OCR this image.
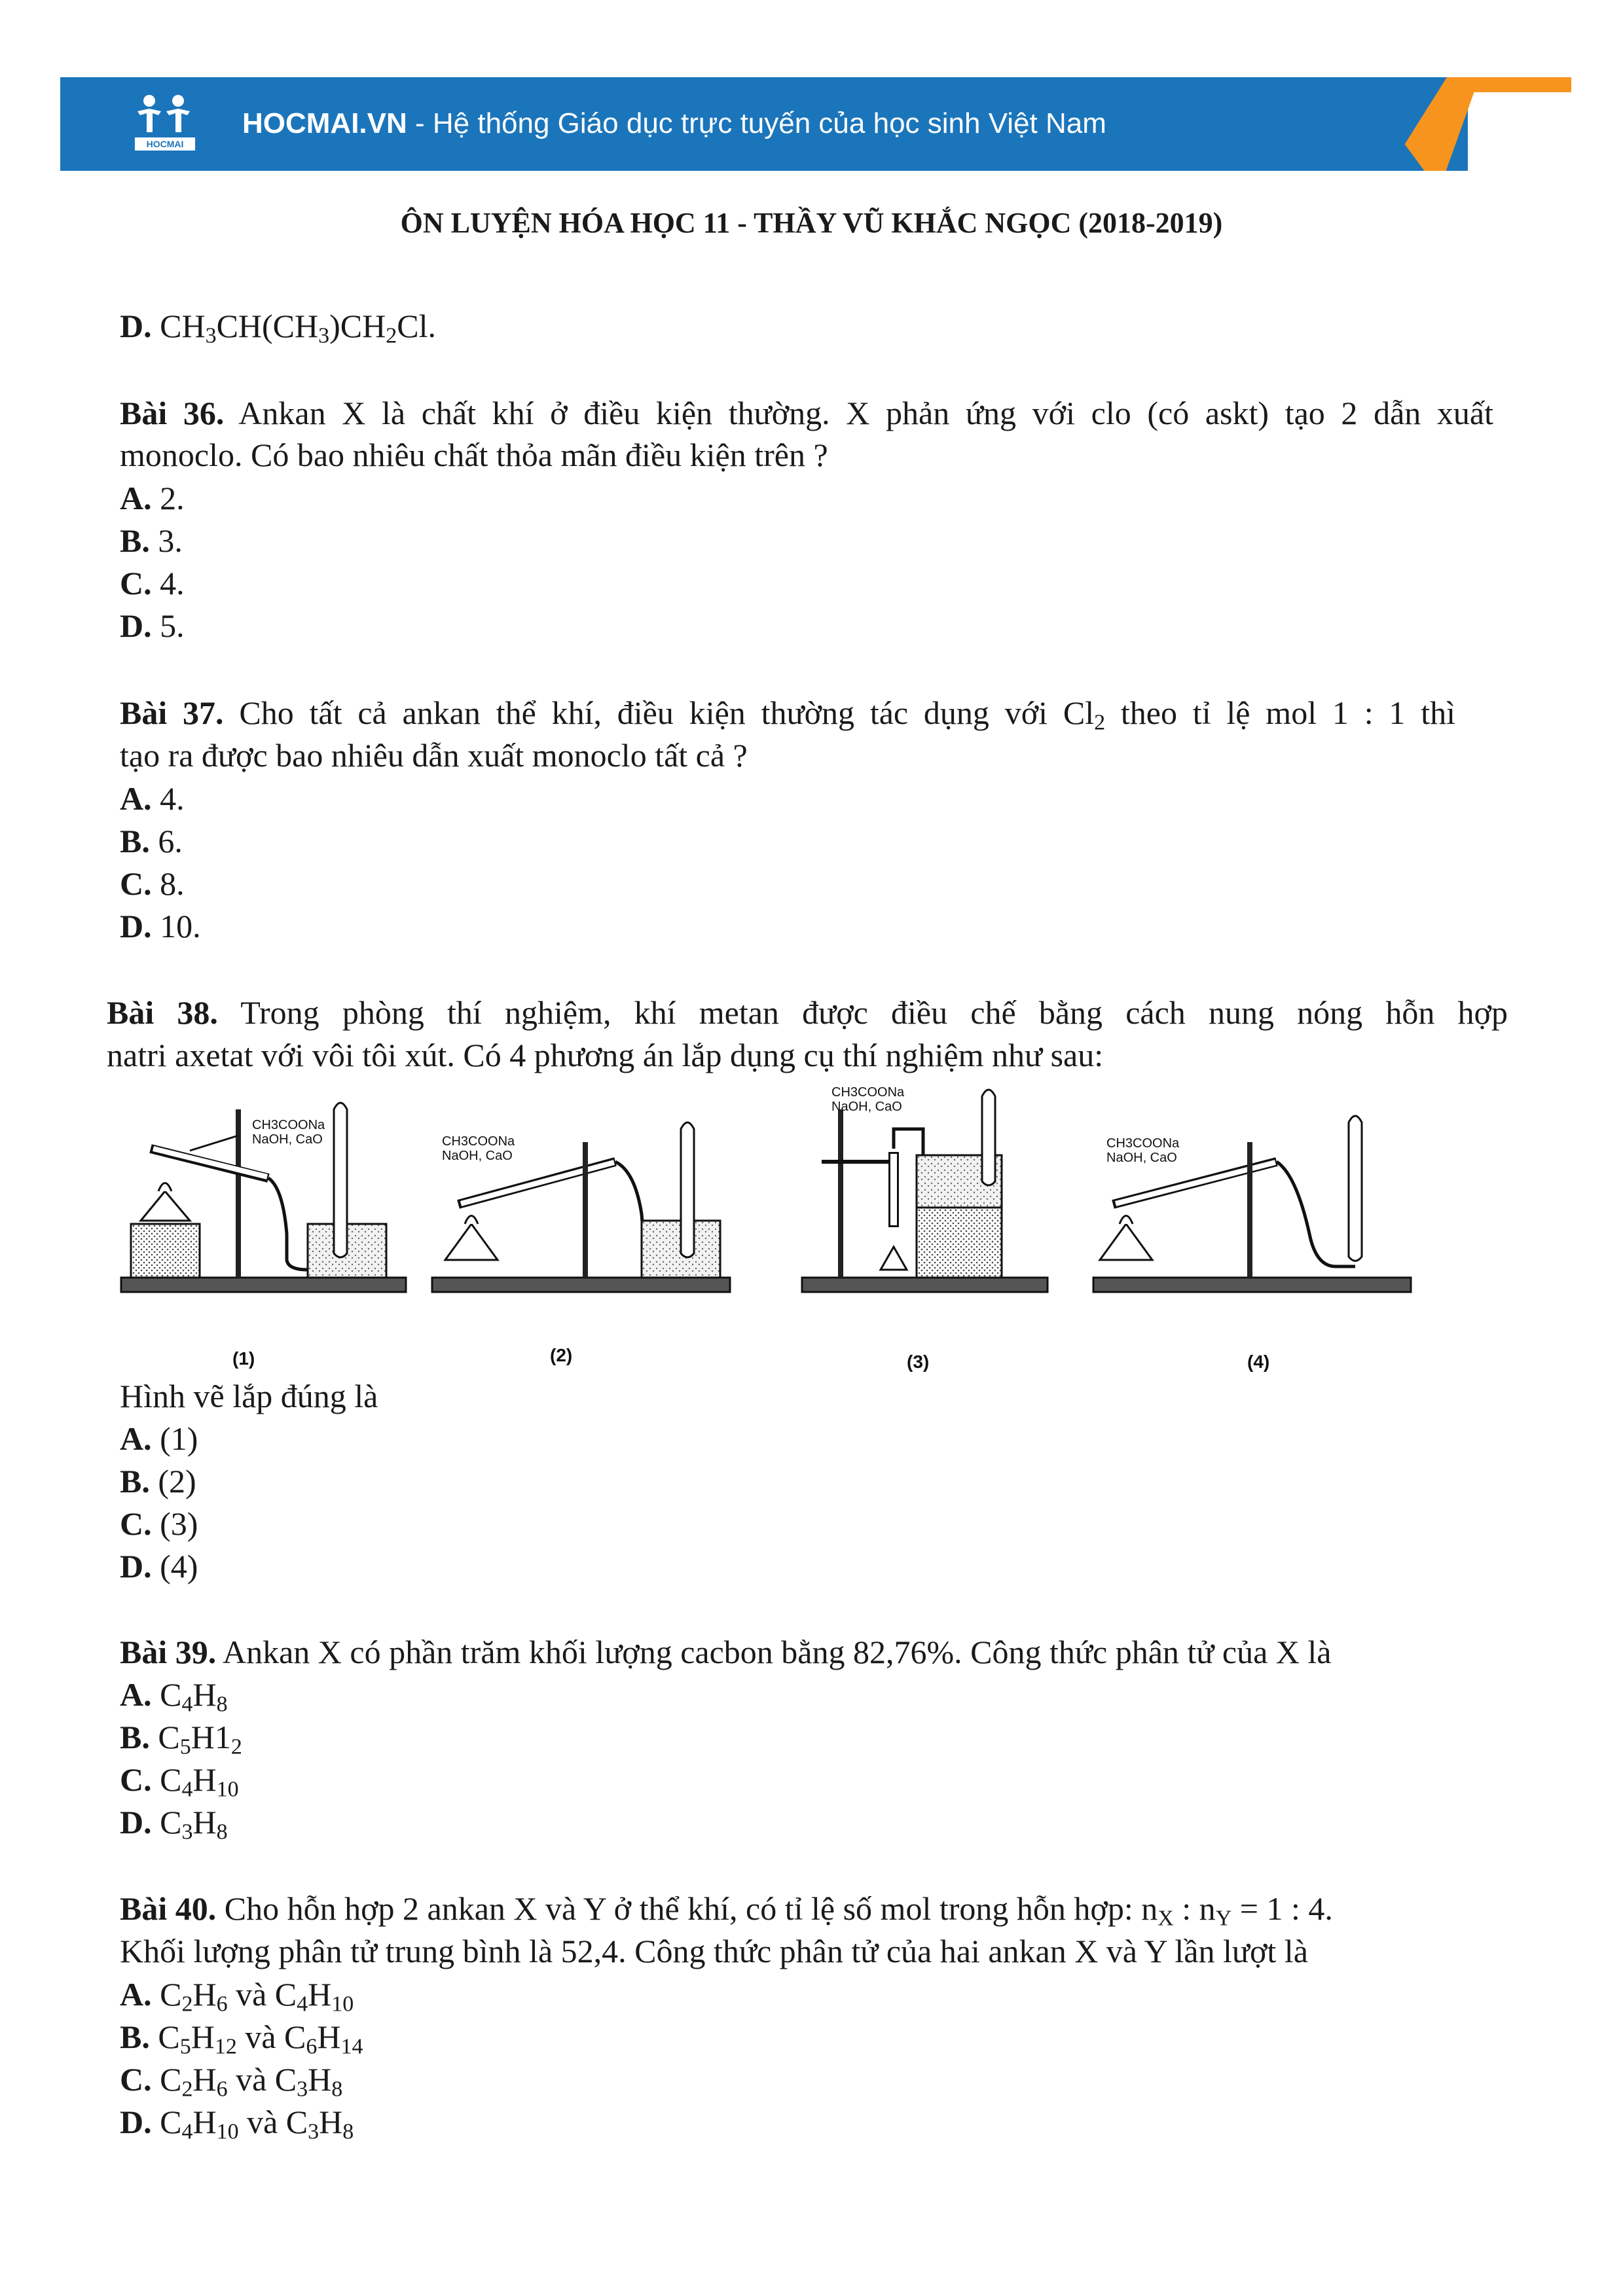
HOCMAI
HOCMAI.VN - Hệ thống Giáo dục trực tuyến của học sinh Việt Nam
ÔN LUYỆN HÓA HỌC 11 - THẦY VŨ KHẮC NGỌC (2018-2019)
D. $CH_3CH(CH_3)CH_2Cl$.
Bài 36. Ankan X là chất khí ở điều kiện thường. X phản ứng với clo (có askt) tạo 2 dẫn xuất
monoclo. Có bao nhiêu chất thỏa mãn điều kiện trên ?
A. 2.
B. 3.
C. 4.
D. 5.
Bài 37. Cho tất cả ankan thể khí, điều kiện thường tác dụng với $Cl_2$ theo tỉ lệ mol 1 : 1 thì
tạo ra được bao nhiêu dẫn xuất monoclo tất cả ?
A. 4.
B. 6.
C. 8.
D. 10.
Bài 38. Trong phòng thí nghiệm, khí metan được điều chế bằng cách nung nóng hỗn hợp
natri axetat với vôi tôi xút. Có 4 phương án lắp dụng cụ thí nghiệm như sau:
CH3COONa
NaOH, CaO
(1)
CH3COONa
NaOH, CaO
(2)
CH3COONa
NaOH, CaO
(3)
CH3COONa
NaOH, CaO
(4)
Hình vẽ lắp đúng là
A. (1)
B. (2)
C. (3)
D. (4)
Bài 39. Ankan X có phần trăm khối lượng cacbon bằng 82,76%. Công thức phân tử của X là
A. $C_4H_8$
B. $C_5H1_2$
C. $C_4H_{10}$
D. $C_3H_8$
Bài 40. Cho hỗn hợp 2 ankan X và Y ở thể khí, có tỉ lệ số mol trong hỗn hợp: $n_X$ : $n_Y = 1$ : 4.
Khối lượng phân tử trung bình là 52,4. Công thức phân tử của hai ankan X và Y lần lượt là
A. $C_2H_6$ và $C_4H_{10}$
B. $C_5H_{12}$ và $C_6H_{14}$
C. $C_2H_6$ và $C_3H_8$
D. $C_4H_{10}$ và $C_3H_8$
